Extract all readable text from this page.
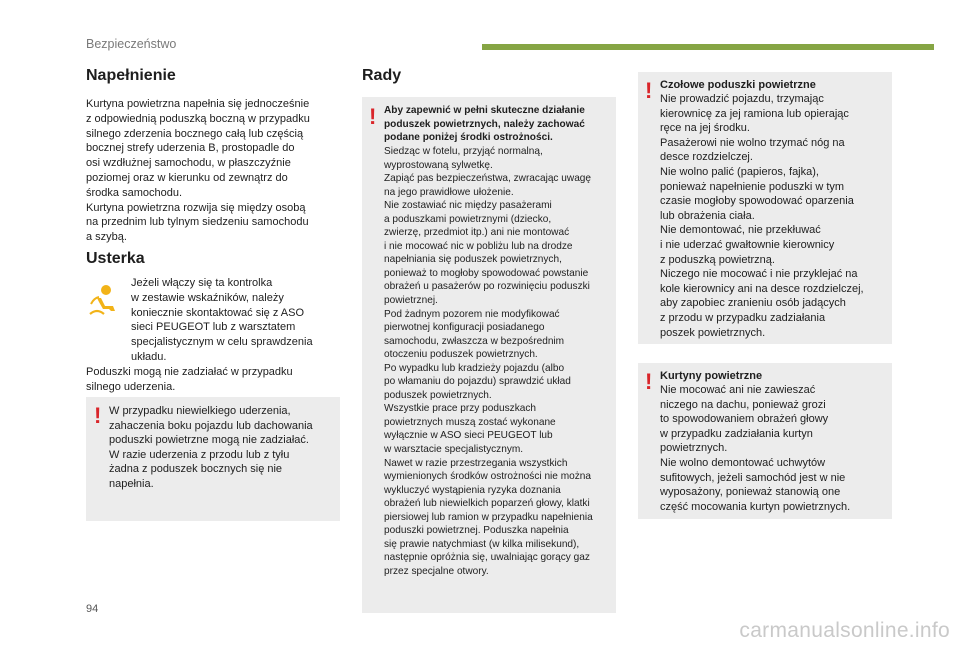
Bezpieczeństwo
Napełnienie
Kurtyna powietrzna napełnia się jednocześnie
z odpowiednią poduszką boczną w przypadku
silnego zderzenia bocznego całą lub częścią
bocznej strefy uderzenia B, prostopadle do
osi wzdłużnej samochodu, w płaszczyźnie
poziomej oraz w kierunku od zewnątrz do
środka samochodu.
Kurtyna powietrzna rozwija się między osobą
na przednim lub tylnym siedzeniu samochodu
a szybą.
Usterka
Jeżeli włączy się ta kontrolka
w zestawie wskaźników, należy
koniecznie skontaktować się z ASO
sieci PEUGEOT lub z warsztatem
specjalistycznym w celu sprawdzenia
układu.
Poduszki mogą nie zadziałać w przypadku
silnego uderzenia.
! W przypadku niewielkiego uderzenia,
zahaczenia boku pojazdu lub dachowania
poduszki powietrzne mogą nie zadziałać.
W razie uderzenia z przodu lub z tyłu
żadna z poduszek bocznych się nie
napełnia.
Rady
! Aby zapewnić w pełni skuteczne działanie
poduszek powietrznych, należy zachować
podane poniżej środki ostrożności.
Siedząc w fotelu, przyjąć normalną,
wyprostowaną sylwetkę.
Zapiąć pas bezpieczeństwa, zwracając uwagę
na jego prawidłowe ułożenie.
Nie zostawiać nic między pasażerami
a poduszkami powietrznymi (dziecko,
zwierzę, przedmiot itp.) ani nie montować
i nie mocować nic w pobliżu lub na drodze
napełniania się poduszek powietrznych,
ponieważ to mogłoby spowodować powstanie
obrażeń u pasażerów po rozwinięciu poduszki
powietrznej.
Pod żadnym pozorem nie modyfikować
pierwotnej konfiguracji posiadanego
samochodu, zwłaszcza w bezpośrednim
otoczeniu poduszek powietrznych.
Po wypadku lub kradzieży pojazdu (albo
po włamaniu do pojazdu) sprawdzić układ
poduszek powietrznych.
Wszystkie prace przy poduszkach
powietrznych muszą zostać wykonane
wyłącznie w ASO sieci PEUGEOT lub
w warsztacie specjalistycznym.
Nawet w razie przestrzegania wszystkich
wymienionych środków ostrożności nie można
wykluczyć wystąpienia ryzyka doznania
obrażeń lub niewielkich poparzeń głowy, klatki
piersiowej lub ramion w przypadku napełnienia
poduszki powietrznej. Poduszka napełnia
się prawie natychmiast (w kilka milisekund),
następnie opróżnia się, uwalniając gorący gaz
przez specjalne otwory.
! Czołowe poduszki powietrzne
Nie prowadzić pojazdu, trzymając
kierownicę za jej ramiona lub opierając
ręce na jej środku.
Pasażerowi nie wolno trzymać nóg na
desce rozdzielczej.
Nie wolno palić (papieros, fajka),
ponieważ napełnienie poduszki w tym
czasie mogłoby spowodować oparzenia
lub obrażenia ciała.
Nie demontować, nie przekłuwać
i nie uderzać gwałtownie kierownicy
z poduszką powietrzną.
Niczego nie mocować i nie przyklejać na
kole kierownicy ani na desce rozdzielczej,
aby zapobiec zranieniu osób jadących
z przodu w przypadku zadziałania
poszek powietrznych.
! Kurtyny powietrzne
Nie mocować ani nie zawieszać
niczego na dachu, ponieważ grozi
to spowodowaniem obrażeń głowy
w przypadku zadziałania kurtyn
powietrznych.
Nie wolno demontować uchwytów
sufitowych, jeżeli samochód jest w nie
wyposażony, ponieważ stanowią one
część mocowania kurtyn powietrznych.
94
carmanualsonline.info
